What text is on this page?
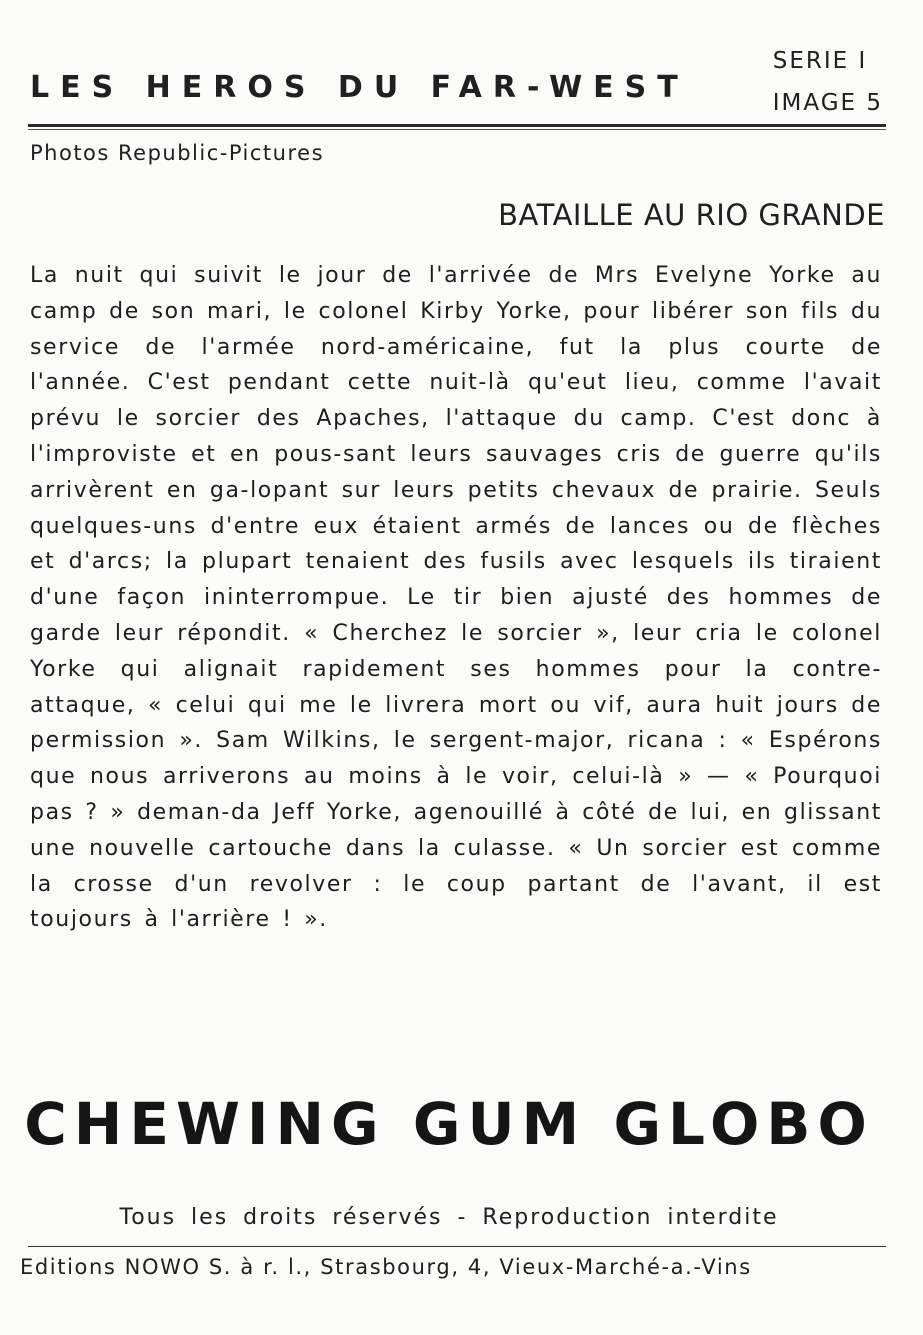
LES HEROS DU FAR-WEST
SERIE I
IMAGE 5
Photos Republic-Pictures
BATAILLE AU RIO GRANDE

La nuit qui suivit le jour de l'arrivée de Mrs Evelyne Yorke au camp de son mari, le colonel Kirby Yorke, pour libérer son fils du service de l'armée nord-américaine, fut la plus courte de l'année. C'est pendant cette nuit-là qu'eut lieu, comme l'avait prévu le sorcier des Apaches, l'attaque du camp. C'est donc à l'improviste et en pous-sant leurs sauvages cris de guerre qu'ils arrivèrent en ga-lopant sur leurs petits chevaux de prairie. Seuls quelques-uns d'entre eux étaient armés de lances ou de flèches et d'arcs; la plupart tenaient des fusils avec lesquels ils tiraient d'une façon ininterrompue. Le tir bien ajusté des hommes de garde leur répondit. « Cherchez le sorcier », leur cria le colonel Yorke qui alignait rapidement ses hommes pour la contre-attaque, « celui qui me le livrera mort ou vif, aura huit jours de permission ». Sam Wilkins, le sergent-major, ricana : « Espérons que nous arriverons au moins à le voir, celui-là » — « Pourquoi pas ? » deman-da Jeff Yorke, agenouillé à côté de lui, en glissant une nouvelle cartouche dans la culasse. « Un sorcier est comme la crosse d'un revolver : le coup partant de l'avant, il est toujours à l'arrière ! ».

CHEWING GUM GLOBO
Tous les droits réservés - Reproduction interdite
Editions NOWO S. à r. l., Strasbourg, 4, Vieux-Marché-a.-Vins
